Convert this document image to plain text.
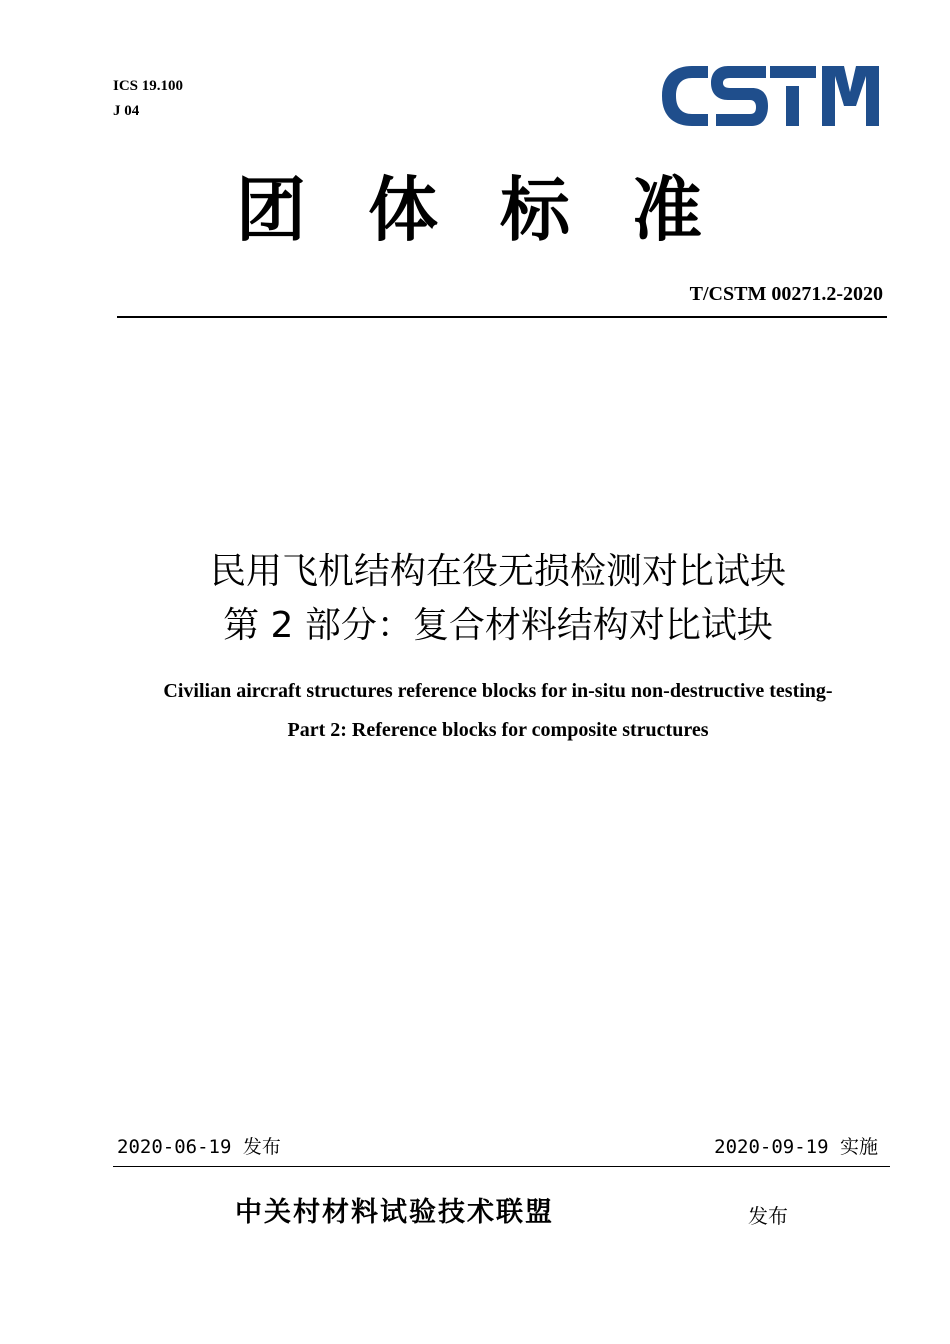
ICS 19.100
J 04
团体标准
T/CSTM 00271.2-2020
民用飞机结构在役无损检测对比试块
第 2 部分：复合材料结构对比试块
Civilian aircraft structures reference blocks for in-situ non-destructive testing-
Part 2: Reference blocks for composite structures
2020-06-19 发布	2020-09-19 实施
中关村材料试验技术联盟	发布
